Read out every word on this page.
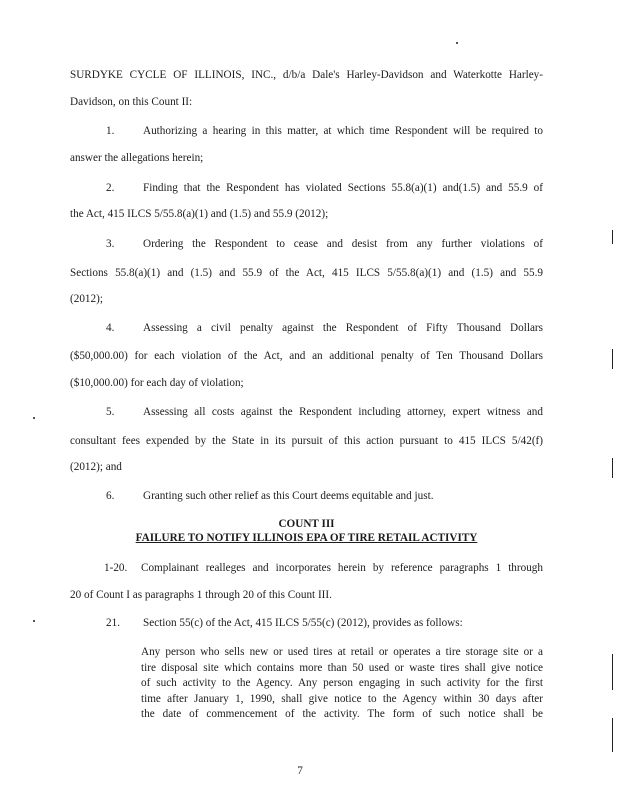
SURDYKE CYCLE OF ILLINOIS, INC., d/b/a Dale's Harley-Davidson and Waterkotte Harley-
Davidson, on this Count II:
1.	Authorizing a hearing in this matter, at which time Respondent will be required to
answer the allegations herein;
2.	Finding that the Respondent has violated Sections 55.8(a)(1) and(1.5) and 55.9 of
the Act, 415 ILCS 5/55.8(a)(1) and (1.5) and 55.9 (2012);
3.	Ordering the Respondent to cease and desist from any further violations of
Sections 55.8(a)(1) and (1.5) and 55.9 of the Act, 415 ILCS 5/55.8(a)(1) and (1.5) and 55.9
(2012);
4.	Assessing a civil penalty against the Respondent of Fifty Thousand Dollars
($50,000.00) for each violation of the Act, and an additional penalty of Ten Thousand Dollars
($10,000.00) for each day of violation;
5.	Assessing all costs against the Respondent including attorney, expert witness and
consultant fees expended by the State in its pursuit of this action pursuant to 415 ILCS 5/42(f)
(2012); and
6.	Granting such other relief as this Court deems equitable and just.
COUNT III
FAILURE TO NOTIFY ILLINOIS EPA OF TIRE RETAIL ACTIVITY
1-20. Complainant realleges and incorporates herein by reference paragraphs 1 through
20 of Count I as paragraphs 1 through 20 of this Count III.
21. Section 55(c) of the Act, 415 ILCS 5/55(c) (2012), provides as follows:
Any person who sells new or used tires at retail or operates a tire storage site or a
tire disposal site which contains more than 50 used or waste tires shall give notice
of such activity to the Agency. Any person engaging in such activity for the first
time after January 1, 1990, shall give notice to the Agency within 30 days after
the date of commencement of the activity. The form of such notice shall be
7
